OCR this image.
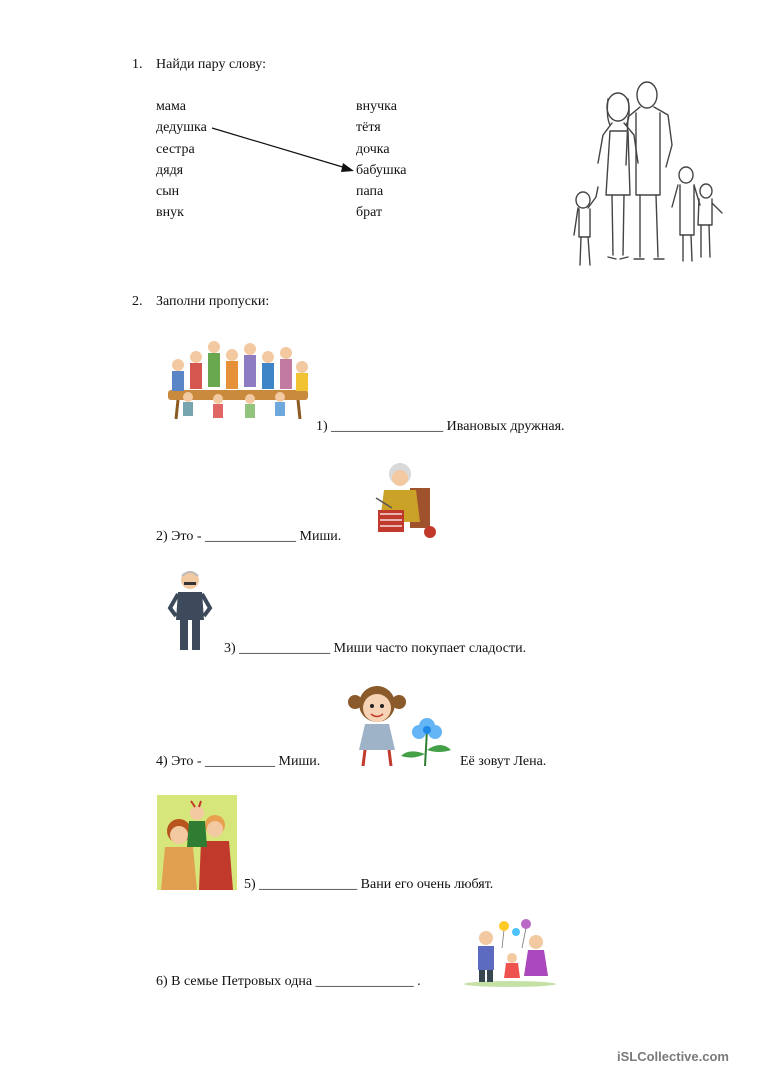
1. Найди пару слову:
мама
дедушка
сестра
дядя
сын
внук
внучка
тётя
дочка
бабушка
папа
брат
2. Заполни пропуски:
1) ________________ Ивановых дружная.
2) Это - _____________ Миши.
3) _____________ Миши часто покупает сладости.
4) Это - __________ Миши.	Её зовут Лена.
5) ______________ Вани его очень любят.
6) В семье Петровых одна ______________ .
iSLCollective.com
